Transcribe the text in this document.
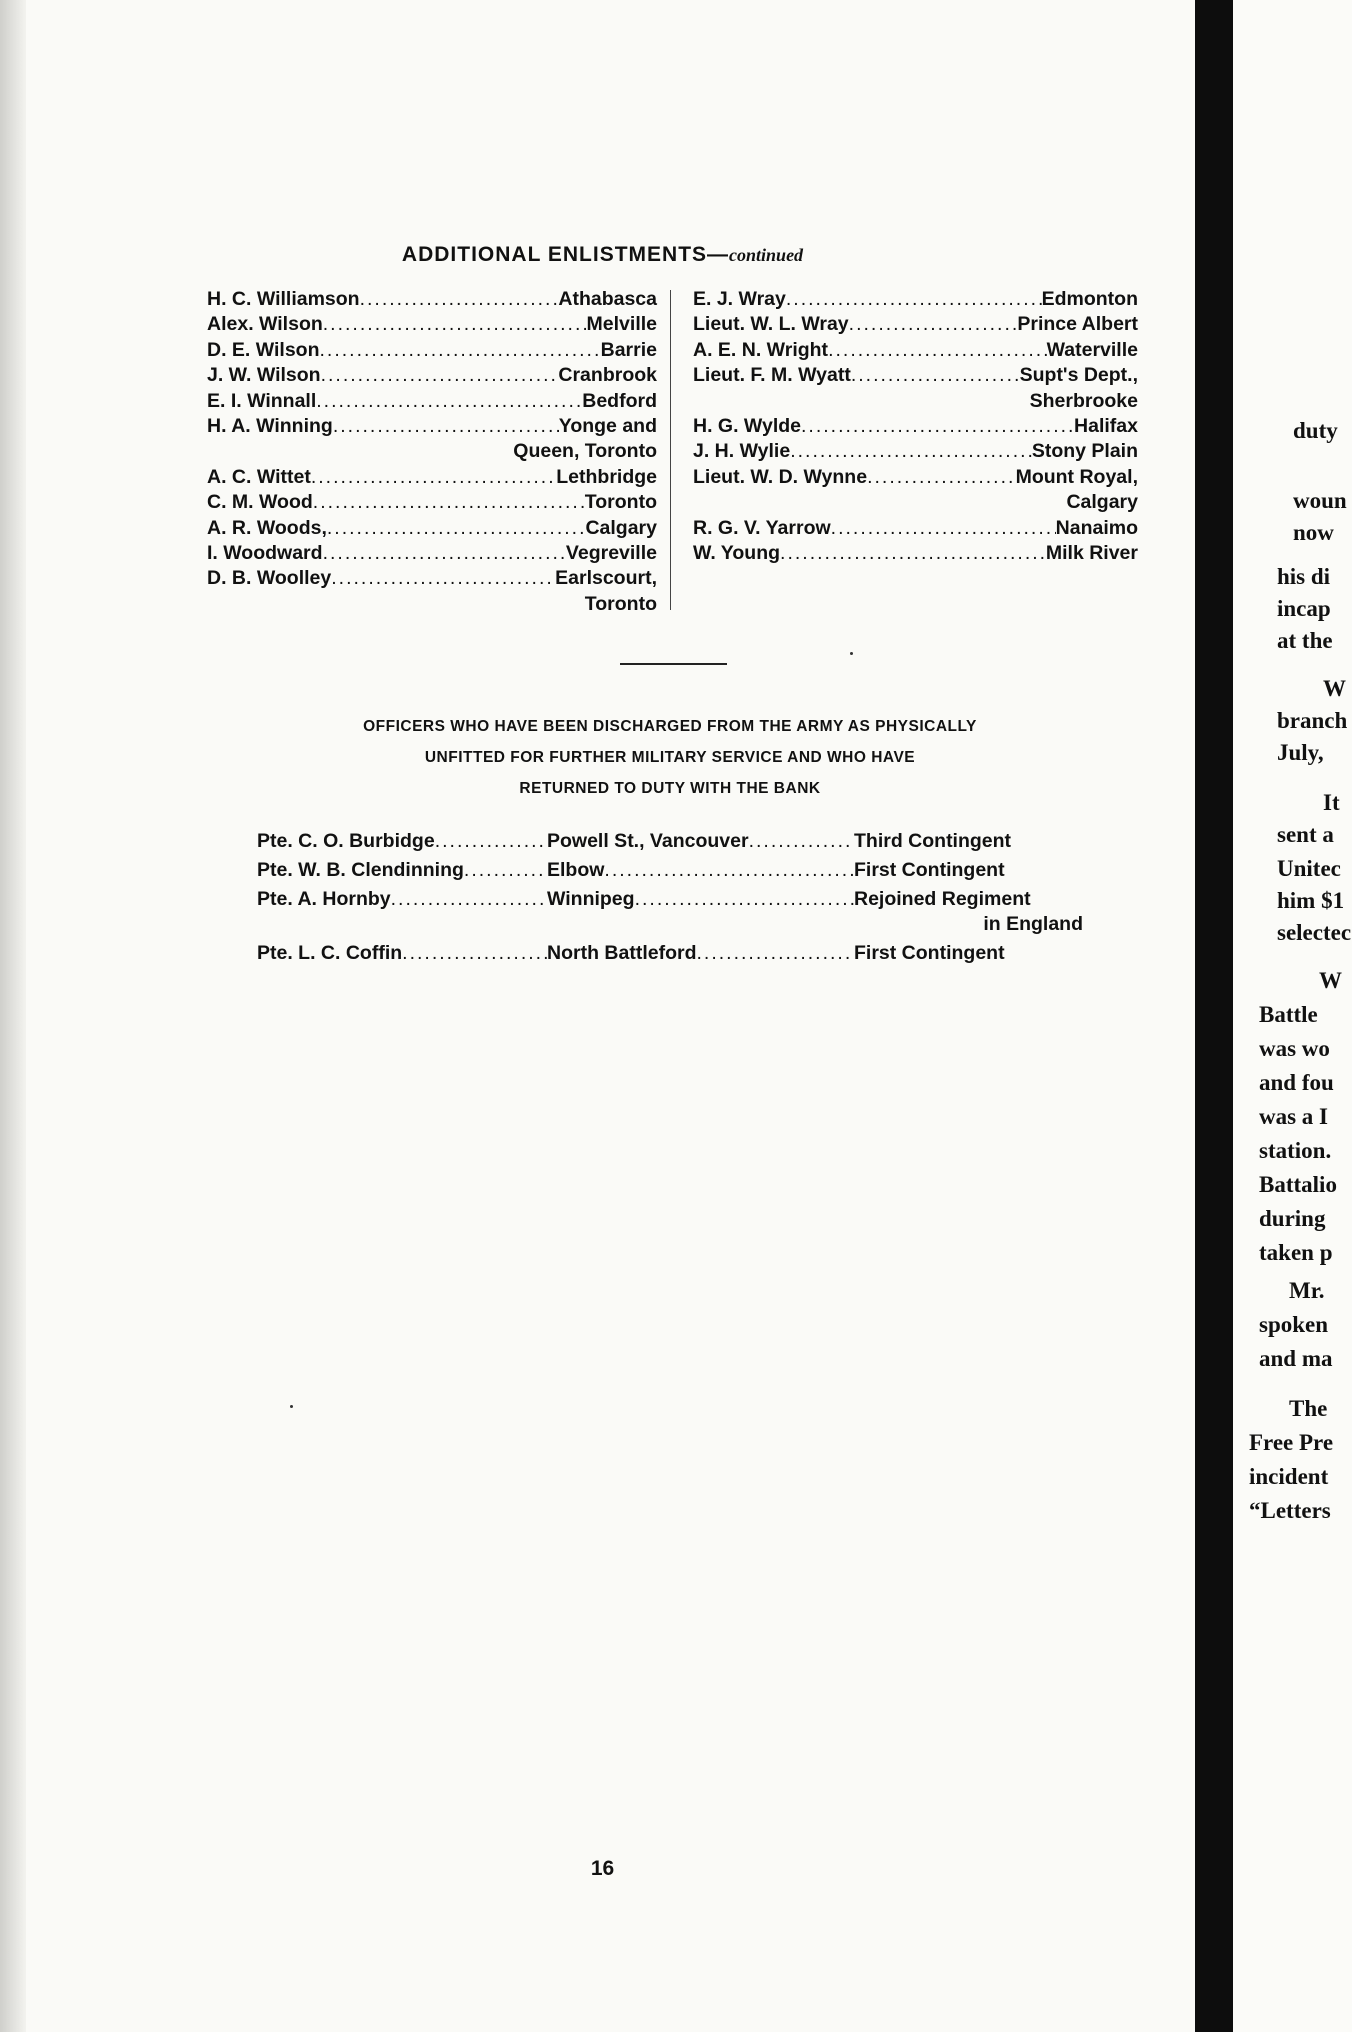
ADDITIONAL ENLISTMENTS—continued
H. C. Williamson .....	Athabasca
Alex. Wilson .....	Melville
D. E. Wilson .....	Barrie
J. W. Wilson .....	Cranbrook
E. I. Winnall .....	Bedford
H. A. Winning .....	Yonge and
Queen, Toronto
A. C. Wittet .....	Lethbridge
C. M. Wood .....	Toronto
A. R. Woods, .....	Calgary
I. Woodward .....	Vegreville
D. B. Woolley .....	Earlscourt,
Toronto
E. J. Wray .....	Edmonton
Lieut. W. L. Wray .....	Prince Albert
A. E. N. Wright .....	Waterville
Lieut. F. M. Wyatt .....	Supt's Dept.,
Sherbrooke
H. G. Wylde .....	Halifax
J. H. Wylie .....	Stony Plain
Lieut. W. D. Wynne .....	Mount Royal,
Calgary
R. G. V. Yarrow .....	Nanaimo
W. Young .....	Milk River
OFFICERS WHO HAVE BEEN DISCHARGED FROM THE ARMY AS PHYSICALLY
UNFITTED FOR FURTHER MILITARY SERVICE AND WHO HAVE
RETURNED TO DUTY WITH THE BANK
Pte. C. O. Burbidge .....	Powell St., Vancouver .....	Third Contingent
Pte. W. B. Clendinning .....	Elbow .....	First Contingent
Pte. A. Hornby .....	Winnipeg .....	Rejoined Regiment
in England
Pte. L. C. Coffin .....	North Battleford .....	First Contingent
16
duty
woun
now
his di
incap
at the
W
branch
July,
It
sent a
Unitec
him $1
selectec
W
Battle
was wo
and fou
was a I
station.
Battalio
during
taken p
Mr.
spoken
and ma
The
Free Pre
incident
“Letters
